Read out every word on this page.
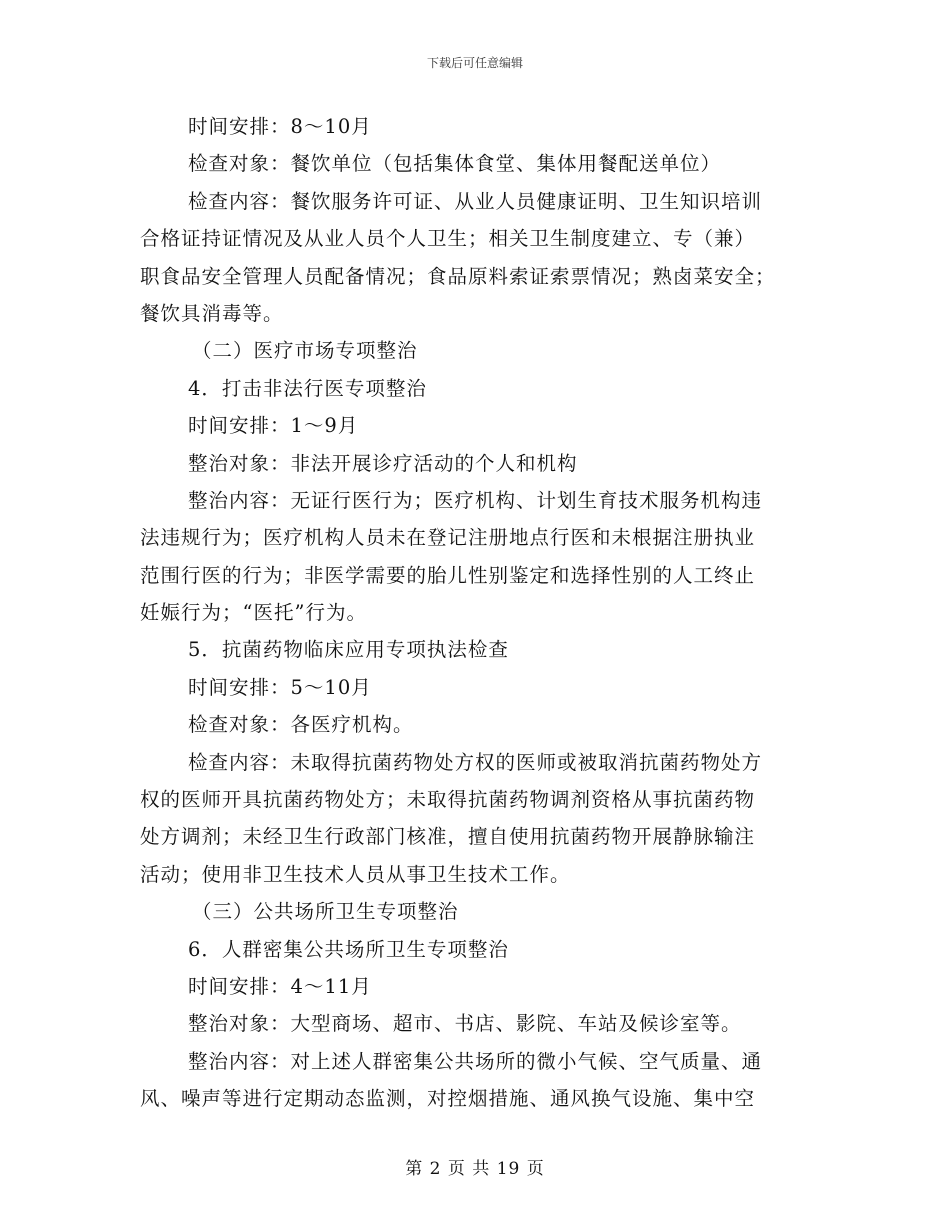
下载后可任意编辑
时间安排：8～10月
检查对象：餐饮单位（包括集体食堂、集体用餐配送单位）
检查内容：餐饮服务许可证、从业人员健康证明、卫生知识培训
合格证持证情况及从业人员个人卫生；相关卫生制度建立、专（兼）
职食品安全管理人员配备情况；食品原料索证索票情况；熟卤菜安全；
餐饮具消毒等。
（二）医疗市场专项整治
4．打击非法行医专项整治
时间安排：1～9月
整治对象：非法开展诊疗活动的个人和机构
整治内容：无证行医行为；医疗机构、计划生育技术服务机构违
法违规行为；医疗机构人员未在登记注册地点行医和未根据注册执业
范围行医的行为；非医学需要的胎儿性别鉴定和选择性别的人工终止
妊娠行为；“医托”行为。
5．抗菌药物临床应用专项执法检查
时间安排：5～10月
检查对象：各医疗机构。
检查内容：未取得抗菌药物处方权的医师或被取消抗菌药物处方
权的医师开具抗菌药物处方；未取得抗菌药物调剂资格从事抗菌药物
处方调剂；未经卫生行政部门核准，擅自使用抗菌药物开展静脉输注
活动；使用非卫生技术人员从事卫生技术工作。
（三）公共场所卫生专项整治
6．人群密集公共场所卫生专项整治
时间安排：4～11月
整治对象：大型商场、超市、书店、影院、车站及候诊室等。
整治内容：对上述人群密集公共场所的微小气候、空气质量、通
风、噪声等进行定期动态监测，对控烟措施、通风换气设施、集中空
第 2 页 共 19 页
